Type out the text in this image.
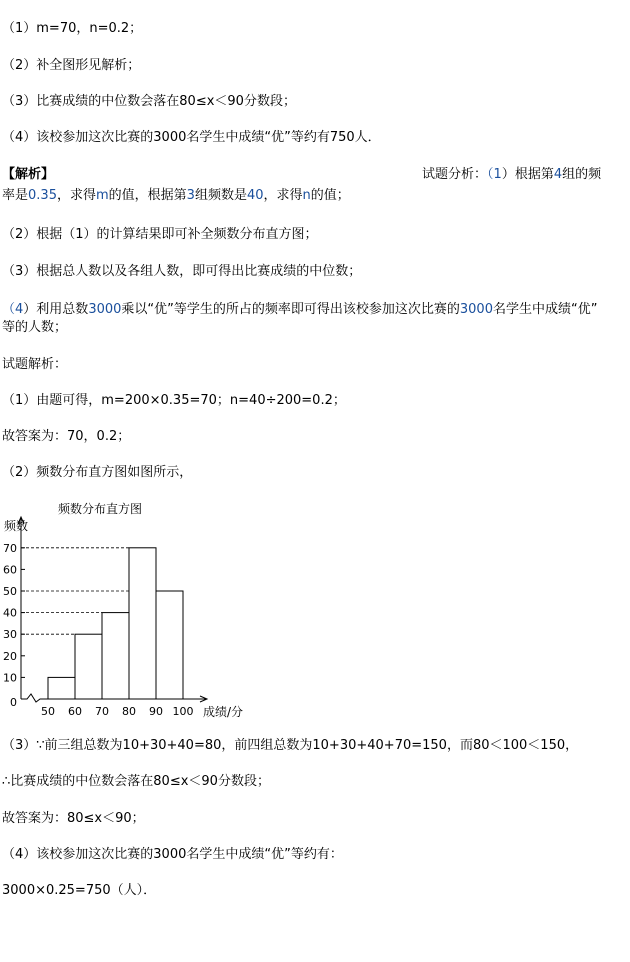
（1）m=70，n=0.2；
（2）补全图形见解析；
（3）比赛成绩的中位数会落在80≤x＜90分数段；
（4）该校参加这次比赛的3000名学生中成绩“优”等约有750人．
【解析】	试题分析：（1）根据第4组的频
率是0.35，求得m的值，根据第3组频数是40，求得n的值；
（2）根据（1）的计算结果即可补全频数分布直方图；
（3）根据总人数以及各组人数，即可得出比赛成绩的中位数；
（4）利用总数3000乘以“优”等学生的所占的频率即可得出该校参加这次比赛的3000名学生中成绩“优”
等的人数；
试题解析：
（1）由题可得，m=200×0.35=70；n=40÷200=0.2；
故答案为：70，0.2；
（2）频数分布直方图如图所示，
0
10
20
30
40
50
60
70
50 60 70 80 90 100
频数分布直方图
频数
成绩/分
（3）∵前三组总数为10+30+40=80，前四组总数为10+30+40+70=150，而80＜100＜150，
∴比赛成绩的中位数会落在80≤x＜90分数段；
故答案为：80≤x＜90；
（4）该校参加这次比赛的3000名学生中成绩“优”等约有：
3000×0.25=750（人）．
